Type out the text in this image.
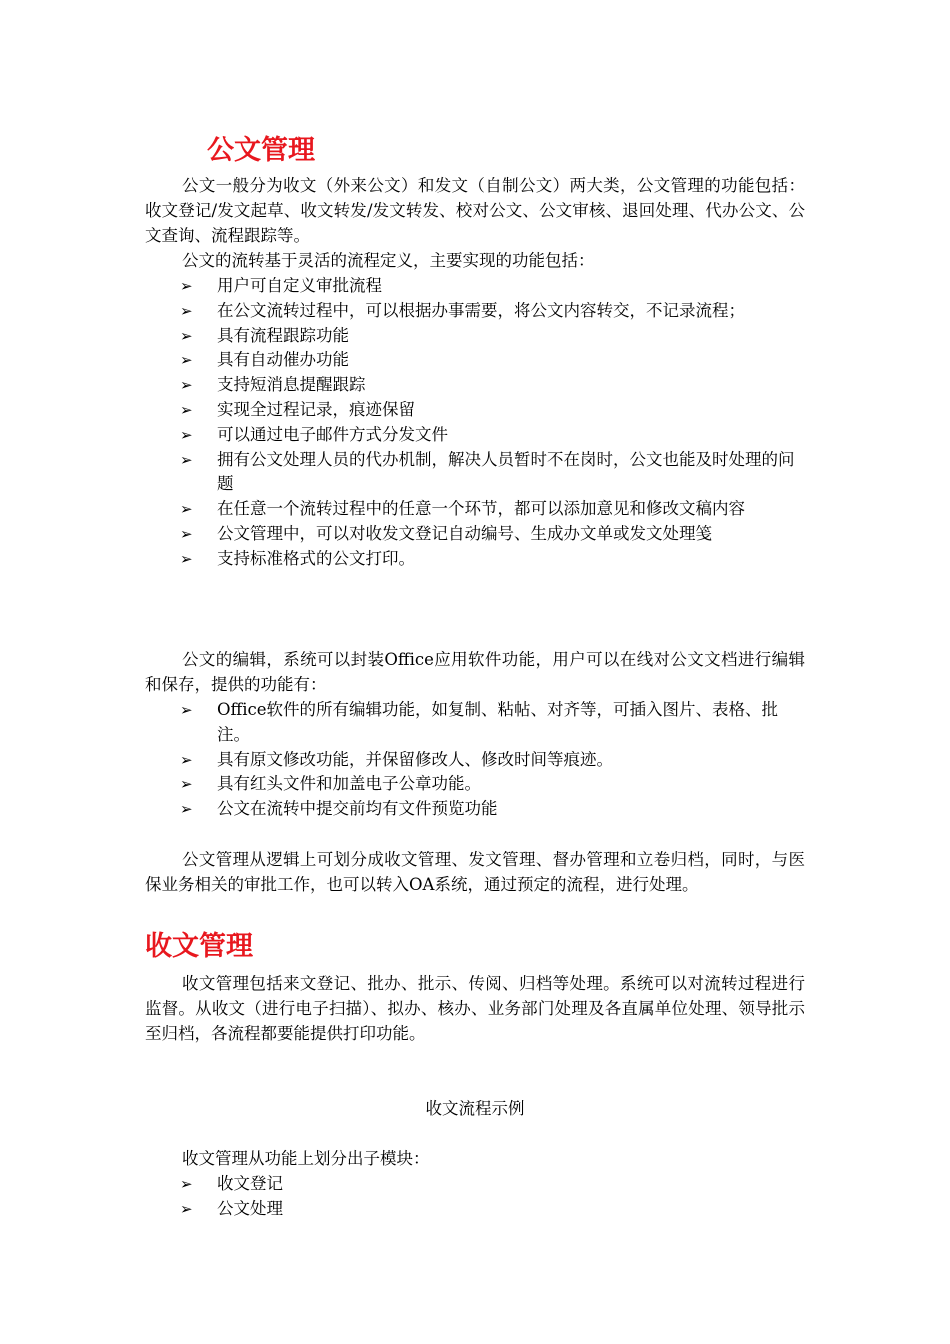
公文管理

公文一般分为收文（外来公文）和发文（自制公文）两大类，公文管理的功能包括：收文登记/发文起草、收文转发/发文转发、校对公文、公文审核、退回处理、代办公文、公文查询、流程跟踪等。

公文的流转基于灵活的流程定义，主要实现的功能包括：

➢	用户可自定义审批流程
➢	在公文流转过程中，可以根据办事需要，将公文内容转交，不记录流程；
➢	具有流程跟踪功能
➢	具有自动催办功能
➢	支持短消息提醒跟踪
➢	实现全过程记录，痕迹保留
➢	可以通过电子邮件方式分发文件
➢	拥有公文处理人员的代办机制，解决人员暂时不在岗时，公文也能及时处理的问题
➢	在任意一个流转过程中的任意一个环节，都可以添加意见和修改文稿内容
➢	公文管理中，可以对收发文登记自动编号、生成办文单或发文处理笺
➢	支持标准格式的公文打印。

公文的编辑，系统可以封装Office应用软件功能，用户可以在线对公文文档进行编辑和保存，提供的功能有：

➢	Office软件的所有编辑功能，如复制、粘帖、对齐等，可插入图片、表格、批注。
➢	具有原文修改功能，并保留修改人、修改时间等痕迹。
➢	具有红头文件和加盖电子公章功能。
➢	公文在流转中提交前均有文件预览功能

公文管理从逻辑上可划分成收文管理、发文管理、督办管理和立卷归档，同时，与医保业务相关的审批工作，也可以转入OA系统，通过预定的流程，进行处理。

收文管理

收文管理包括来文登记、批办、批示、传阅、归档等处理。系统可以对流转过程进行监督。从收文（进行电子扫描）、拟办、核办、业务部门处理及各直属单位处理、领导批示至归档，各流程都要能提供打印功能。

收文流程示例

收文管理从功能上划分出子模块：

➢	收文登记
➢	公文处理
